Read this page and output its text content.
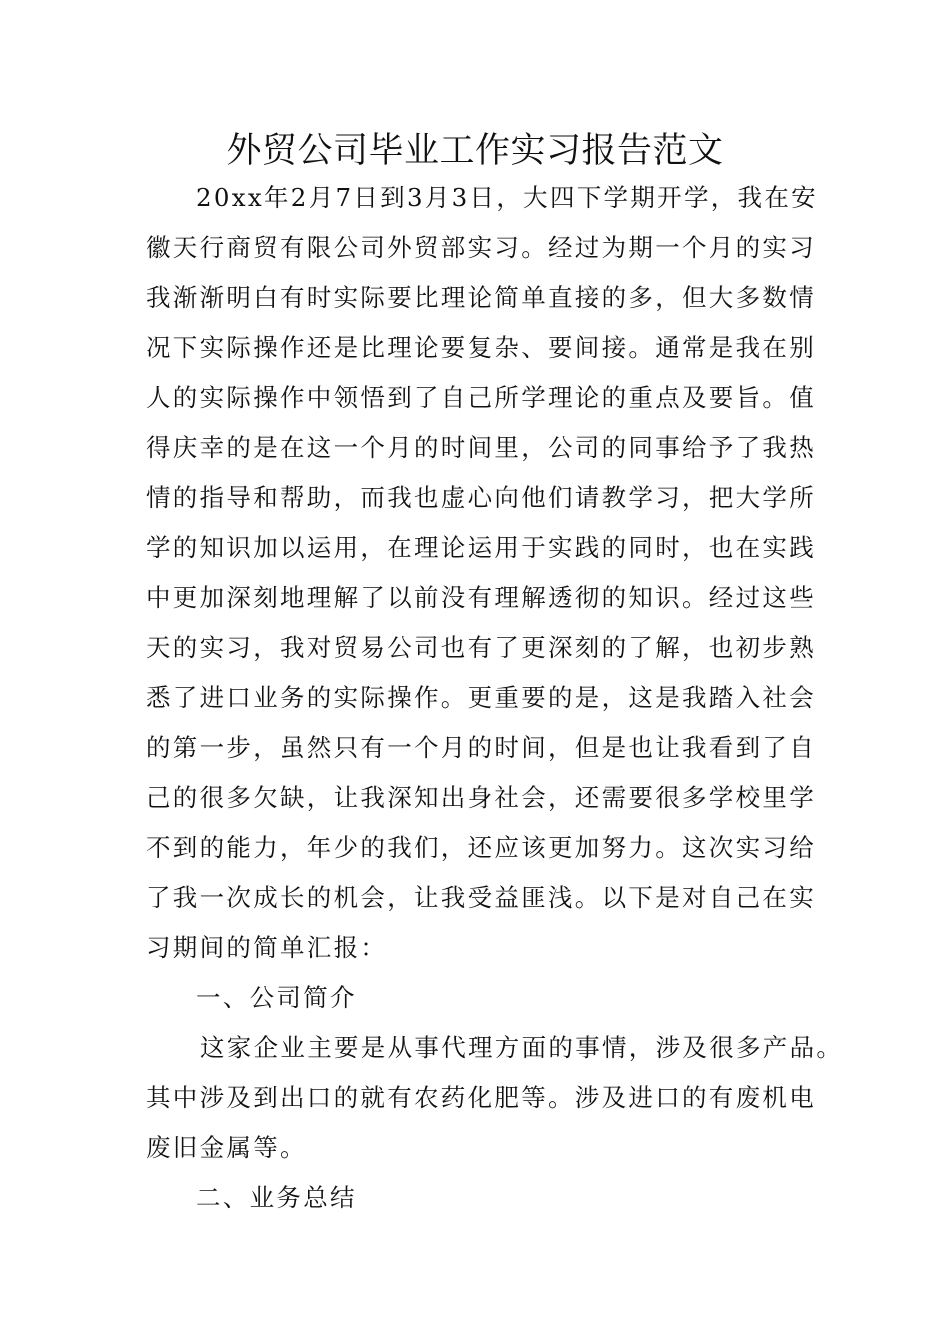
外贸公司毕业工作实习报告范文
20xx年2月7日到3月3日，大四下学期开学，我在安
徽天行商贸有限公司外贸部实习。经过为期一个月的实习
我渐渐明白有时实际要比理论简单直接的多，但大多数情
况下实际操作还是比理论要复杂、要间接。通常是我在别
人的实际操作中领悟到了自己所学理论的重点及要旨。值
得庆幸的是在这一个月的时间里，公司的同事给予了我热
情的指导和帮助，而我也虚心向他们请教学习，把大学所
学的知识加以运用，在理论运用于实践的同时，也在实践
中更加深刻地理解了以前没有理解透彻的知识。经过这些
天的实习，我对贸易公司也有了更深刻的了解，也初步熟
悉了进口业务的实际操作。更重要的是，这是我踏入社会
的第一步，虽然只有一个月的时间，但是也让我看到了自
己的很多欠缺，让我深知出身社会，还需要很多学校里学
不到的能力，年少的我们，还应该更加努力。这次实习给
了我一次成长的机会，让我受益匪浅。以下是对自己在实
习期间的简单汇报：
一、公司简介
这家企业主要是从事代理方面的事情，涉及很多产品。
其中涉及到出口的就有农药化肥等。涉及进口的有废机电
废旧金属等。
二、业务总结
